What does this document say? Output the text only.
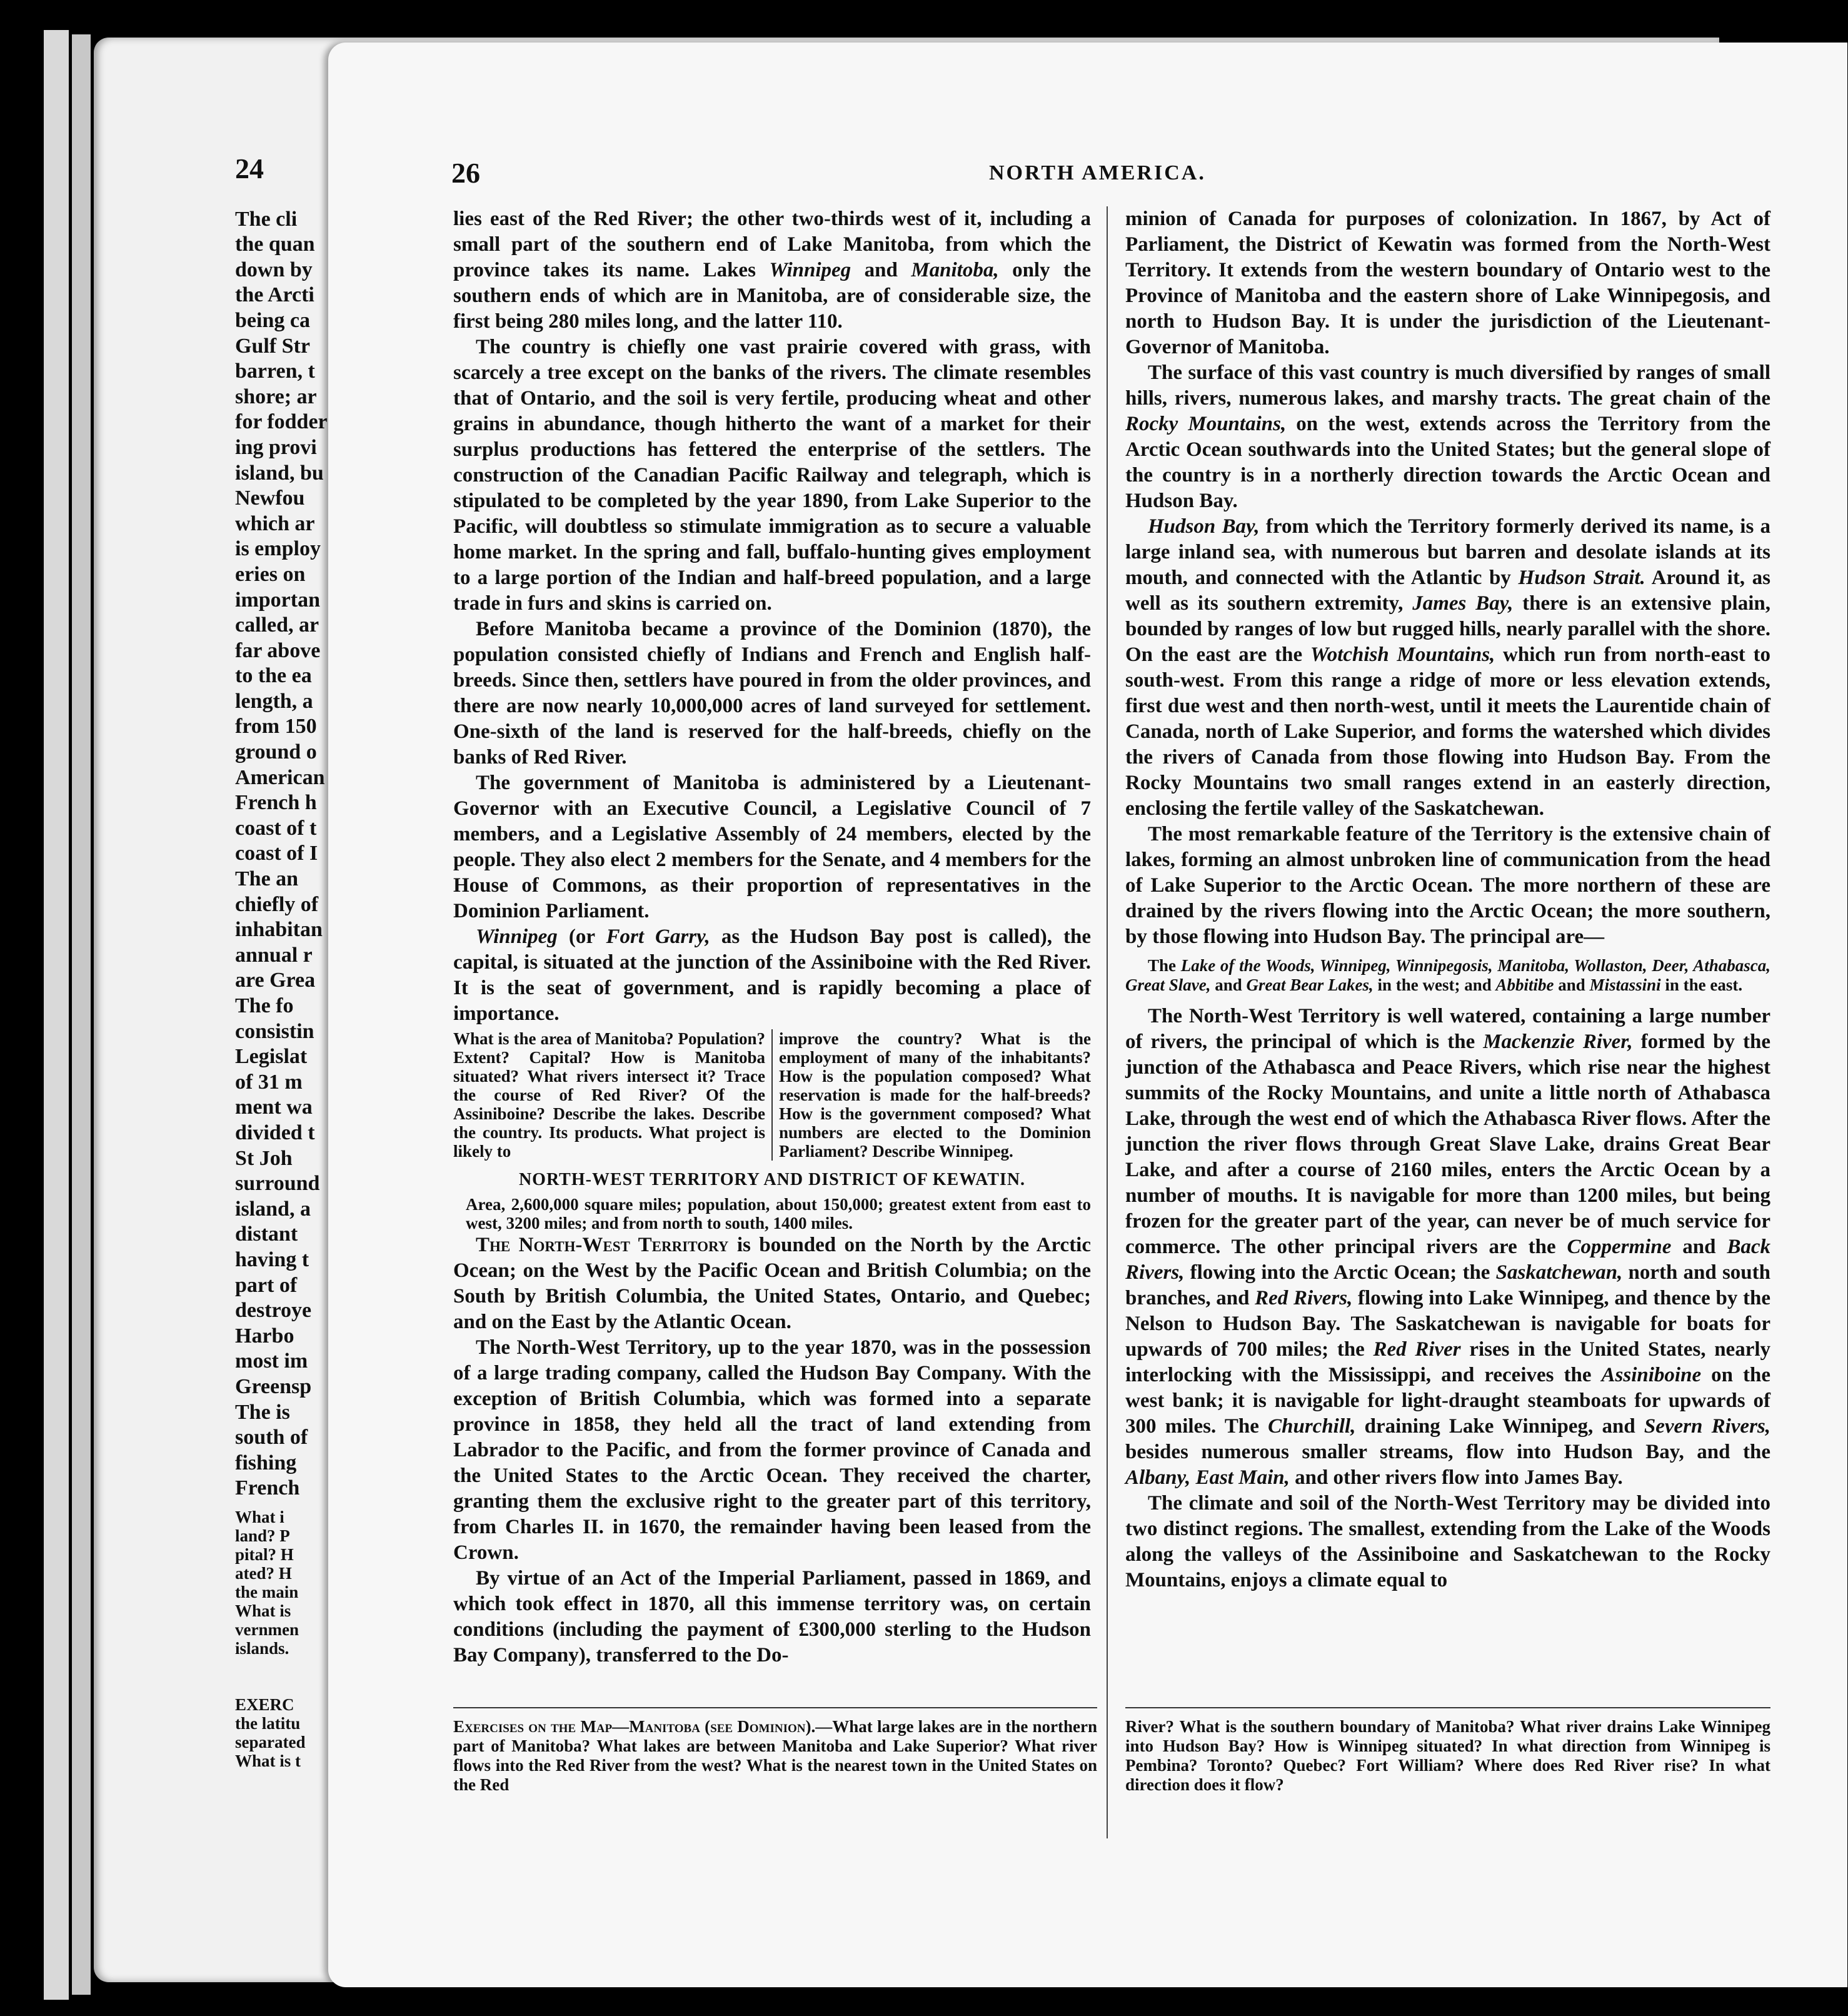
24
The cli
the quan
down by
the Arcti
being ca
Gulf Str
barren, t
shore; ar
for fodder
ing provi
island, bu
Newfou
which ar
is employ
eries on
importan
called, ar
far above
to the ea
length, a
from 150
ground o
American
French h
coast of t
coast of I
The an
chiefly of
inhabitan
annual r
are Grea
The fo
consistin
Legislat
of 31 m
ment wa
divided t
St Joh
surround
island, a
distant
having t
part of
destroye
Harbo
most im
Greensp
The is
south of
fishing
French
What i
land? P
pital? H
ated? H
the main
What is
vernmen
islands.
EXERC
the latitu
separated
What is t
26	NORTH AMERICA.

lies east of the Red River; the other two-thirds west of it, including a small part of the southern end of Lake Manitoba, from which the province takes its name. Lakes Winnipeg and Manitoba, only the southern ends of which are in Manitoba, are of considerable size, the first being 280 miles long, and the latter 110.

The country is chiefly one vast prairie covered with grass, with scarcely a tree except on the banks of the rivers. The climate resembles that of Ontario, and the soil is very fertile, producing wheat and other grains in abundance, though hitherto the want of a market for their surplus productions has fettered the enterprise of the settlers. The construction of the Canadian Pacific Railway and telegraph, which is stipulated to be completed by the year 1890, from Lake Superior to the Pacific, will doubtless so stimulate immigration as to secure a valuable home market. In the spring and fall, buffalo-hunting gives employment to a large portion of the Indian and half-breed population, and a large trade in furs and skins is carried on.

Before Manitoba became a province of the Dominion (1870), the population consisted chiefly of Indians and French and English half-breeds. Since then, settlers have poured in from the older provinces, and there are now nearly 10,000,000 acres of land surveyed for settlement. One-sixth of the land is reserved for the half-breeds, chiefly on the banks of Red River.

The government of Manitoba is administered by a Lieutenant-Governor with an Executive Council, a Legislative Council of 7 members, and a Legislative Assembly of 24 members, elected by the people. They also elect 2 members for the Senate, and 4 members for the House of Commons, as their proportion of representatives in the Dominion Parliament.

Winnipeg (or Fort Garry, as the Hudson Bay post is called), the capital, is situated at the junction of the Assiniboine with the Red River. It is the seat of government, and is rapidly becoming a place of importance.

What is the area of Manitoba? Population? Extent? Capital? How is Manitoba situated? What rivers intersect it? Trace the course of Red River? Of the Assiniboine? Describe the lakes. Describe the country. Its products. What project is likely to
improve the country? What is the employment of many of the inhabitants? How is the population composed? What reservation is made for the half-breeds? How is the government composed? What numbers are elected to the Dominion Parliament? Describe Winnipeg.
NORTH-WEST TERRITORY AND DISTRICT OF KEWATIN.

Area, 2,600,000 square miles; population, about 150,000; greatest extent from east to west, 3200 miles; and from north to south, 1400 miles.

The North-West Territory is bounded on the North by the Arctic Ocean; on the West by the Pacific Ocean and British Columbia; on the South by British Columbia, the United States, Ontario, and Quebec; and on the East by the Atlantic Ocean.

The North-West Territory, up to the year 1870, was in the possession of a large trading company, called the Hudson Bay Company. With the exception of British Columbia, which was formed into a separate province in 1858, they held all the tract of land extending from Labrador to the Pacific, and from the former province of Canada and the United States to the Arctic Ocean. They received the charter, granting them the exclusive right to the greater part of this territory, from Charles II. in 1670, the remainder having been leased from the Crown.

By virtue of an Act of the Imperial Parliament, passed in 1869, and which took effect in 1870, all this immense territory was, on certain conditions (including the payment of £300,000 sterling to the Hudson Bay Company), transferred to the Do-

minion of Canada for purposes of colonization. In 1867, by Act of Parliament, the District of Kewatin was formed from the North-West Territory. It extends from the western boundary of Ontario west to the Province of Manitoba and the eastern shore of Lake Winnipegosis, and north to Hudson Bay. It is under the jurisdiction of the Lieutenant-Governor of Manitoba.

The surface of this vast country is much diversified by ranges of small hills, rivers, numerous lakes, and marshy tracts. The great chain of the Rocky Mountains, on the west, extends across the Territory from the Arctic Ocean southwards into the United States; but the general slope of the country is in a northerly direction towards the Arctic Ocean and Hudson Bay.

Hudson Bay, from which the Territory formerly derived its name, is a large inland sea, with numerous but barren and desolate islands at its mouth, and connected with the Atlantic by Hudson Strait. Around it, as well as its southern extremity, James Bay, there is an extensive plain, bounded by ranges of low but rugged hills, nearly parallel with the shore. On the east are the Wotchish Mountains, which run from north-east to south-west. From this range a ridge of more or less elevation extends, first due west and then north-west, until it meets the Laurentide chain of Canada, north of Lake Superior, and forms the watershed which divides the rivers of Canada from those flowing into Hudson Bay. From the Rocky Mountains two small ranges extend in an easterly direction, enclosing the fertile valley of the Saskatchewan.

The most remarkable feature of the Territory is the extensive chain of lakes, forming an almost unbroken line of communication from the head of Lake Superior to the Arctic Ocean. The more northern of these are drained by the rivers flowing into the Arctic Ocean; the more southern, by those flowing into Hudson Bay. The principal are—

The Lake of the Woods, Winnipeg, Winnipegosis, Manitoba, Wollaston, Deer, Athabasca, Great Slave, and Great Bear Lakes, in the west; and Abbitibe and Mistassini in the east.

The North-West Territory is well watered, containing a large number of rivers, the principal of which is the Mackenzie River, formed by the junction of the Athabasca and Peace Rivers, which rise near the highest summits of the Rocky Mountains, and unite a little north of Athabasca Lake, through the west end of which the Athabasca River flows. After the junction the river flows through Great Slave Lake, drains Great Bear Lake, and after a course of 2160 miles, enters the Arctic Ocean by a number of mouths. It is navigable for more than 1200 miles, but being frozen for the greater part of the year, can never be of much service for commerce. The other principal rivers are the Coppermine and Back Rivers, flowing into the Arctic Ocean; the Saskatchewan, north and south branches, and Red Rivers, flowing into Lake Winnipeg, and thence by the Nelson to Hudson Bay. The Saskatchewan is navigable for boats for upwards of 700 miles; the Red River rises in the United States, nearly interlocking with the Mississippi, and receives the Assiniboine on the west bank; it is navigable for light-draught steamboats for upwards of 300 miles. The Churchill, draining Lake Winnipeg, and Severn Rivers, besides numerous smaller streams, flow into Hudson Bay, and the Albany, East Main, and other rivers flow into James Bay.

The climate and soil of the North-West Territory may be divided into two distinct regions. The smallest, extending from the Lake of the Woods along the valleys of the Assiniboine and Saskatchewan to the Rocky Mountains, enjoys a climate equal to

Exercises on the Map—Manitoba (see Dominion).—What large lakes are in the northern part of Manitoba? What lakes are between Manitoba and Lake Superior? What river flows into the Red River from the west? What is the nearest town in the United States on the Red
River? What is the southern boundary of Manitoba? What river drains Lake Winnipeg into Hudson Bay? How is Winnipeg situated? In what direction from Winnipeg is Pembina? Toronto? Quebec? Fort William? Where does Red River rise? In what direction does it flow?
